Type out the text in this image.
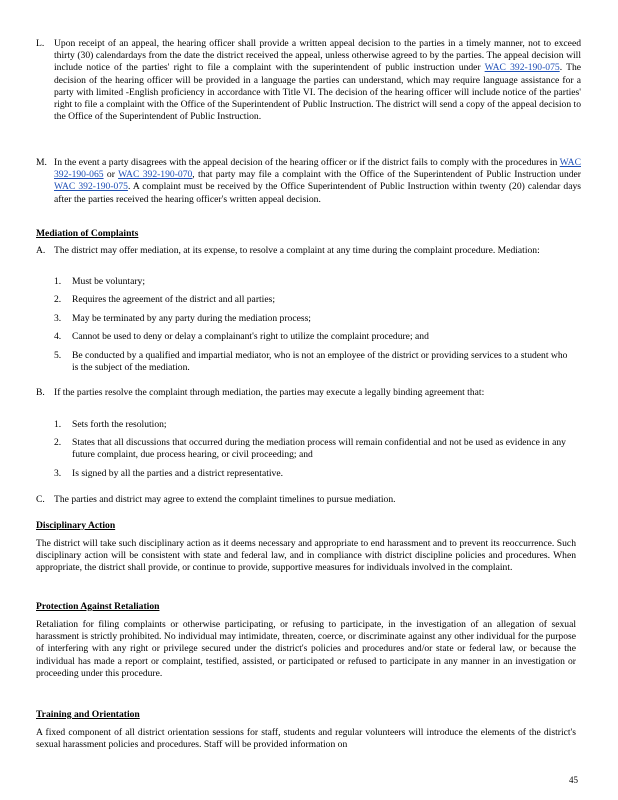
L. Upon receipt of an appeal, the hearing officer shall provide a written appeal decision to the parties in a timely manner, not to exceed thirty (30) calendardays from the date the district received the appeal, unless otherwise agreed to by the parties. The appeal decision will include notice of the parties' right to file a complaint with the superintendent of public instruction under WAC 392-190-075. The decision of the hearing officer will be provided in a language the parties can understand, which may require language assistance for a party with limited -English proficiency in accordance with Title VI. The decision of the hearing officer will include notice of the parties' right to file a complaint with the Office of the Superintendent of Public Instruction. The district will send a copy of the appeal decision to the Office of the Superintendent of Public Instruction.
M. In the event a party disagrees with the appeal decision of the hearing officer or if the district fails to comply with the procedures in WAC 392-190-065 or WAC 392-190-070, that party may file a complaint with the Office of the Superintendent of Public Instruction under WAC 392-190-075. A complaint must be received by the Office Superintendent of Public Instruction within twenty (20) calendar days after the parties received the hearing officer's written appeal decision.
Mediation of Complaints
A. The district may offer mediation, at its expense, to resolve a complaint at any time during the complaint procedure. Mediation:
1. Must be voluntary;
2. Requires the agreement of the district and all parties;
3. May be terminated by any party during the mediation process;
4. Cannot be used to deny or delay a complainant's right to utilize the complaint procedure; and
5. Be conducted by a qualified and impartial mediator, who is not an employee of the district or providing services to a student who is the subject of the mediation.
B. If the parties resolve the complaint through mediation, the parties may execute a legally binding agreement that:
1. Sets forth the resolution;
2. States that all discussions that occurred during the mediation process will remain confidential and not be used as evidence in any future complaint, due process hearing, or civil proceeding; and
3. Is signed by all the parties and a district representative.
C. The parties and district may agree to extend the complaint timelines to pursue mediation.
Disciplinary Action
The district will take such disciplinary action as it deems necessary and appropriate to end harassment and to prevent its reoccurrence. Such disciplinary action will be consistent with state and federal law, and in compliance with district discipline policies and procedures. When appropriate, the district shall provide, or continue to provide, supportive measures for individuals involved in the complaint.
Protection Against Retaliation
Retaliation for filing complaints or otherwise participating, or refusing to participate, in the investigation of an allegation of sexual harassment is strictly prohibited. No individual may intimidate, threaten, coerce, or discriminate against any other individual for the purpose of interfering with any right or privilege secured under the district's policies and procedures and/or state or federal law, or because the individual has made a report or complaint, testified, assisted, or participated or refused to participate in any manner in an investigation or proceeding under this procedure.
Training and Orientation
A fixed component of all district orientation sessions for staff, students and regular volunteers will introduce the elements of the district's sexual harassment policies and procedures. Staff will be provided information on
45
